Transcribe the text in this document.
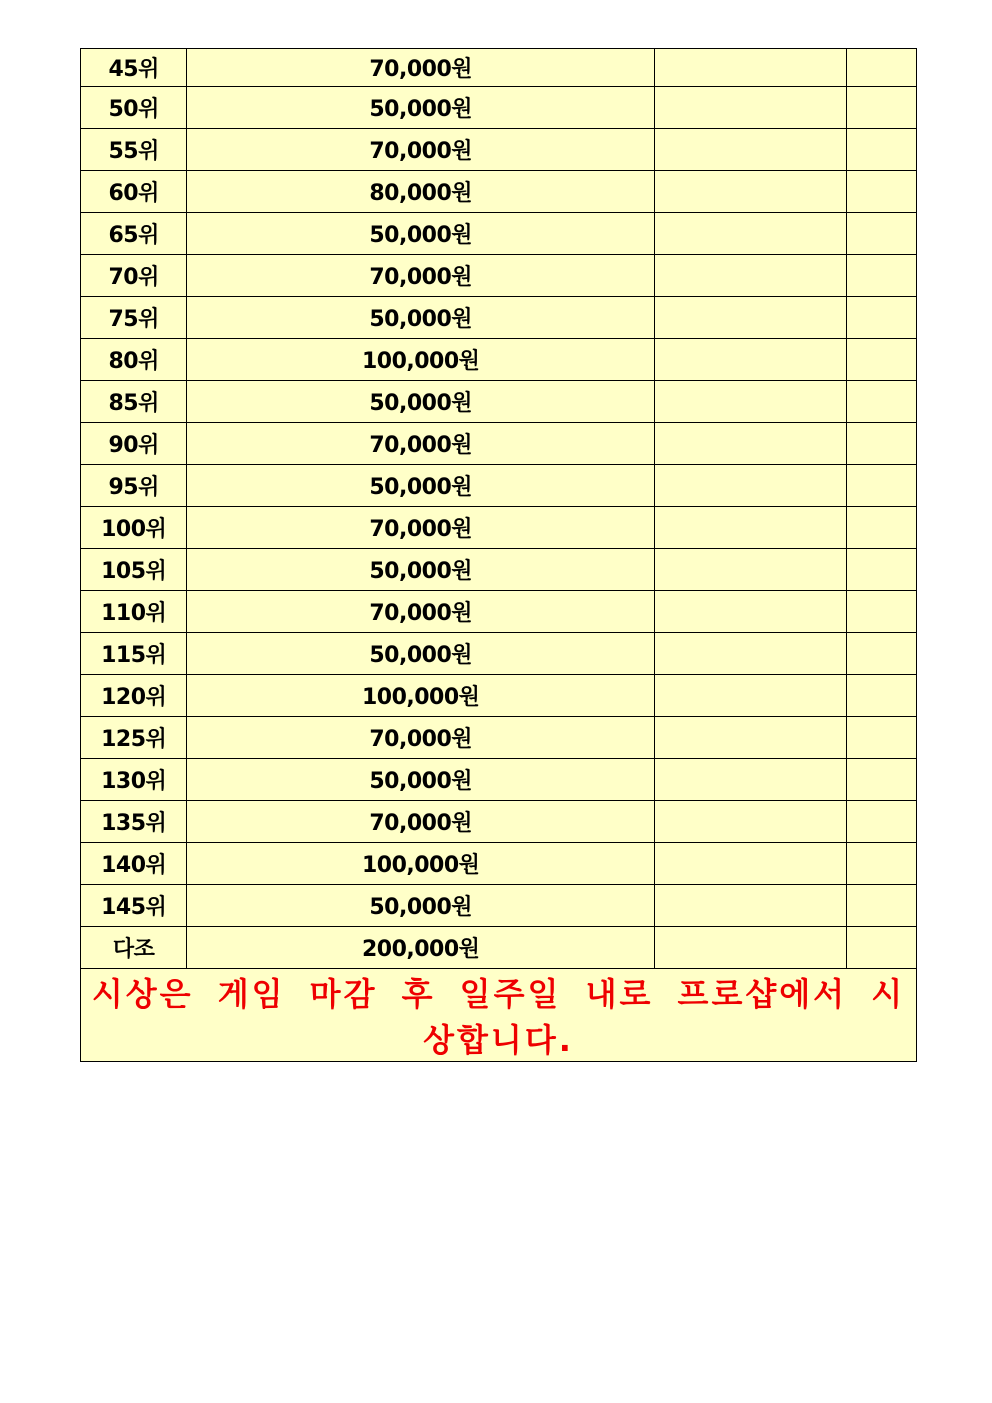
45위	70,000원		
50위	50,000원		
55위	70,000원		
60위	80,000원		
65위	50,000원		
70위	70,000원		
75위	50,000원		
80위	100,000원		
85위	50,000원		
90위	70,000원		
95위	50,000원		
100위	70,000원		
105위	50,000원		
110위	70,000원		
115위	50,000원		
120위	100,000원		
125위	70,000원		
130위	50,000원		
135위	70,000원		
140위	100,000원		
145위	50,000원		
다조	200,000원		
시상은 게임 마감 후 일주일 내로 프로샵에서 시상합니다.			
